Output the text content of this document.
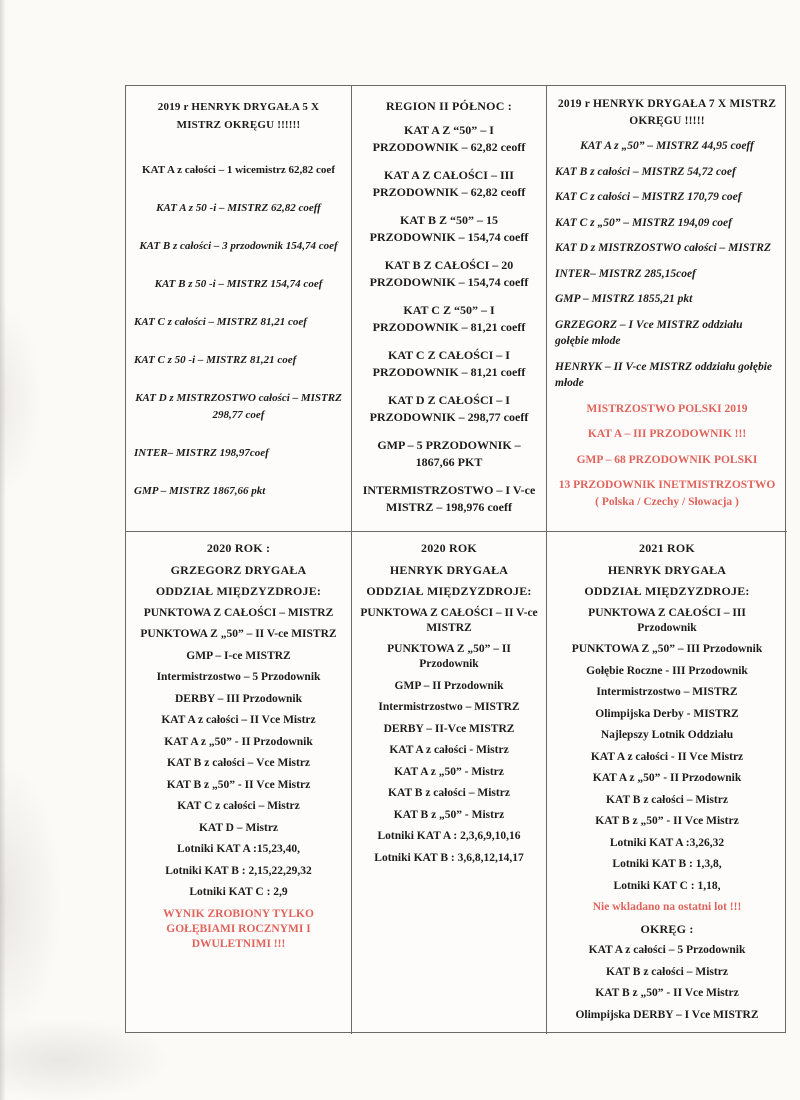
2019 r HENRYK DRYGAŁA 5 X
MISTRZ OKRĘGU !!!!!!
KAT A z całości – 1 wicemistrz 62,82 coef
KAT A z 50 -i – MISTRZ 62,82 coeff
KAT B z całości – 3 przodownik 154,74 coef
KAT B z 50 -i – MISTRZ 154,74 coef
KAT C z całości – MISTRZ 81,21 coef
KAT C z 50 -i – MISTRZ 81,21 coef
KAT D z MISTRZOSTWO całości – MISTRZ 298,77 coef
INTER– MISTRZ 198,97coef
GMP – MISTRZ 1867,66 pkt
REGION II PÓŁNOC :
KAT A Z “50” – I PRZODOWNIK – 62,82 ceoff
KAT A Z CAŁOŚCI – III PRZODOWNIK – 62,82 ceoff
KAT B Z “50” – 15 PRZODOWNIK – 154,74 coeff
KAT B Z CAŁOŚCI – 20 PRZODOWNIK – 154,74 coeff
KAT C Z “50” – I PRZODOWNIK – 81,21 coeff
KAT C Z CAŁOŚCI – I PRZODOWNIK – 81,21 coeff
KAT D Z CAŁOŚCI – I PRZODOWNIK – 298,77 coeff
GMP – 5 PRZODOWNIK – 1867,66 PKT
INTERMISTRZOSTWO – I V-ce MISTRZ – 198,976 coeff
2019 r HENRYK DRYGAŁA 7 X MISTRZ OKRĘGU !!!!!
KAT A z „50” – MISTRZ 44,95 coeff
KAT B z całości – MISTRZ 54,72 coef
KAT C z całości – MISTRZ 170,79 coef
KAT C z „50” – MISTRZ 194,09 coef
KAT D z MISTRZOSTWO całości – MISTRZ
INTER– MISTRZ 285,15coef
GMP – MISTRZ 1855,21 pkt
GRZEGORZ – I Vce MISTRZ oddziału gołębie młode
HENRYK – II V-ce MISTRZ oddziału gołębie młode
MISTRZOSTWO POLSKI 2019
KAT A – III PRZODOWNIK !!!
GMP – 68 PRZODOWNIK POLSKI
13 PRZODOWNIK INETMISTRZOSTWO
( Polska / Czechy / Słowacja )
2020 ROK :
GRZEGORZ DRYGAŁA
ODDZIAŁ MIĘDZYZDROJE:
PUNKTOWA Z CAŁOŚCI – MISTRZ
PUNKTOWA Z „50” – II V-ce MISTRZ
GMP – I-ce MISTRZ
Intermistrzostwo – 5 Przodownik
DERBY – III Przodownik
KAT A z całości – II Vce Mistrz
KAT A z „50” - II Przodownik
KAT B z całości – Vce Mistrz
KAT B z „50” - II Vce Mistrz
KAT C z całości – Mistrz
KAT D – Mistrz
Lotniki KAT A :15,23,40,
Lotniki KAT B : 2,15,22,29,32
Lotniki KAT C : 2,9
WYNIK ZROBIONY TYLKO
GOŁĘBIAMI ROCZNYMI I
DWULETNIMI !!!
2020 ROK
HENRYK DRYGAŁA
ODDZIAŁ MIĘDZYZDROJE:
PUNKTOWA Z CAŁOŚCI – II V-ce MISTRZ
PUNKTOWA Z „50” – II Przodownik
GMP – II Przodownik
Intermistrzostwo – MISTRZ
DERBY – II-Vce MISTRZ
KAT A z całości - Mistrz
KAT A z „50” - Mistrz
KAT B z całości – Mistrz
KAT B z „50” - Mistrz
Lotniki KAT A : 2,3,6,9,10,16
Lotniki KAT B : 3,6,8,12,14,17
2021 ROK
HENRYK DRYGAŁA
ODDZIAŁ MIĘDZYZDROJE:
PUNKTOWA Z CAŁOŚCI – III
Przodownik
PUNKTOWA Z „50” – III Przodownik
Gołębie Roczne - III Przodownik
Intermistrzostwo – MISTRZ
Olimpijska Derby - MISTRZ
Najlepszy Lotnik Oddziału
KAT A z całości - II Vce Mistrz
KAT A z „50” - II Przodownik
KAT B z całości – Mistrz
KAT B z „50” - II Vce Mistrz
Lotniki KAT A :3,26,32
Lotniki KAT B : 1,3,8,
Lotniki KAT C : 1,18,
Nie wkladano na ostatni lot !!!
OKRĘG :
KAT A z całości – 5 Przodownik
KAT B z całości – Mistrz
KAT B z „50” - II Vce Mistrz
Olimpijska DERBY – I Vce MISTRZ
